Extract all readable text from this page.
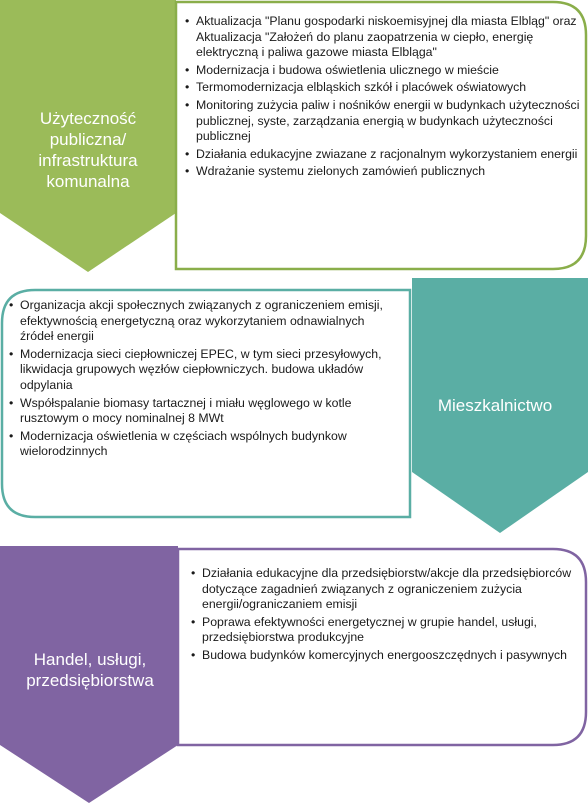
Użyteczność publiczna/ infrastruktura komunalna
Mieszkalnictwo
Handel, usługi, przedsiębiorstwa
• Aktualizacja "Planu gospodarki niskoemisyjnej dla miasta Elbląg" oraz Aktualizacja "Założeń do planu zaopatrzenia w ciepło, energię elektryczną i paliwa gazowe miasta Elbląga"
• Modernizacja i budowa oświetlenia ulicznego w mieście
• Termomodernizacja elbląskich szkół i placówek oświatowych
• Monitoring zużycia paliw i nośników energii w budynkach użyteczności publicznej, syste, zarządzania energią w budynkach użyteczności publicznej
• Działania edukacyjne zwiazane z racjonalnym wykorzystaniem energii
• Wdrażanie systemu zielonych zamówień publicznych
• Organizacja akcji społecznych związanych z ograniczeniem emisji, efektywnością energetyczną oraz wykorzytaniem odnawialnych źródeł energii
• Modernizacja sieci ciepłowniczej EPEC, w tym sieci przesyłowych, likwidacja grupowych węzłów ciepłowniczych. budowa układów odpylania
• Współspalanie biomasy tartacznej i miału węglowego w kotle rusztowym o mocy nominalnej 8 MWt
• Modernizacja oświetlenia w częściach wspólnych budynkow wielorodzinnych
• Działania edukacyjne dla przedsiębiorstw/akcje dla przedsiębiorców dotyczące zagadnień związanych z ograniczeniem zużycia energii/ograniczaniem emisji
• Poprawa efektywności energetycznej w grupie handel, usługi, przedsiębiorstwa produkcyjne
• Budowa budynków komercyjnych energooszczędnych i pasywnych
